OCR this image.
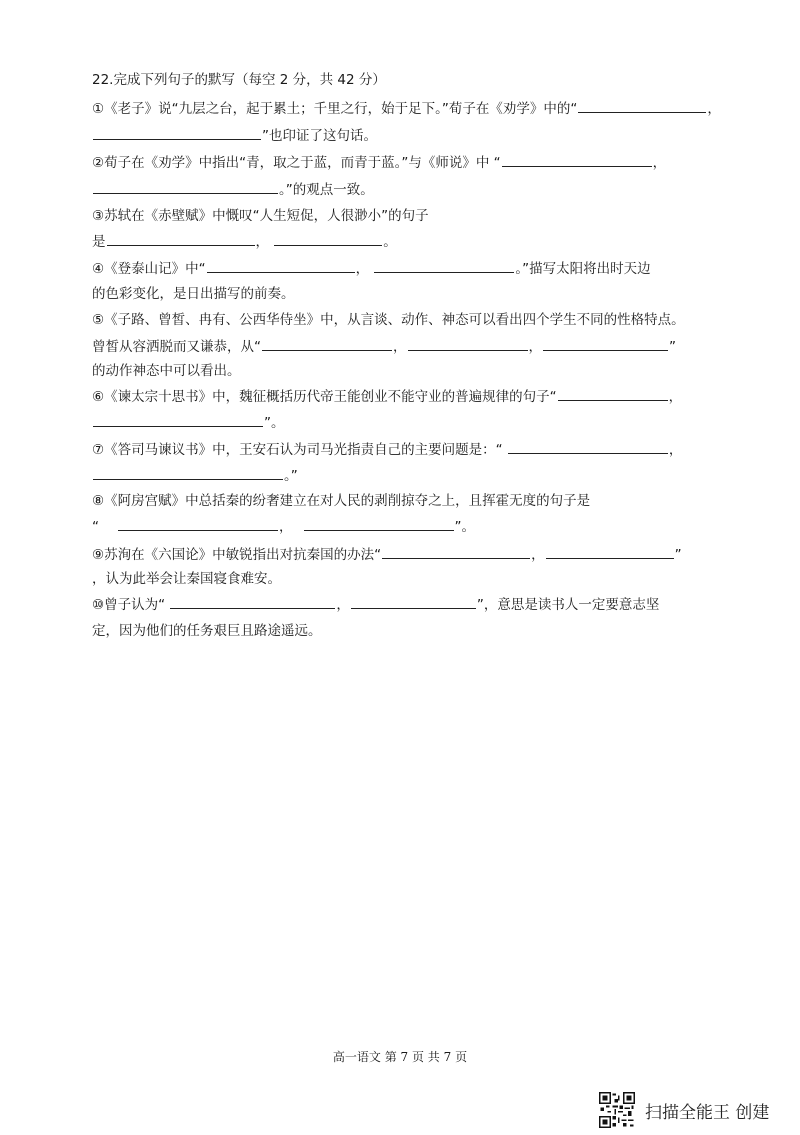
22.完成下列句子的默写（每空 2 分，共 42 分）
①《老子》说“九层之台，起于累土；千里之行，始于足下。”荀子在《劝学》中的“	，
”也印证了这句话。
②荀子在《劝学》中指出“青，取之于蓝，而青于蓝。”与《师说》中 “	，
。”的观点一致。
③苏轼在《赤壁赋》中慨叹“人生短促，人很渺小”的句子
是	，	。
④《登泰山记》中“	，	。”描写太阳将出时天边
的色彩变化，是日出描写的前奏。
⑤《子路、曾皙、冉有、公西华侍坐》中，从言谈、动作、神态可以看出四个学生不同的性格特点。
曾皙从容洒脱而又谦恭，从“	，	，	”
的动作神态中可以看出。
⑥《谏太宗十思书》中，魏征概括历代帝王能创业不能守业的普遍规律的句子“	，
”。
⑦《答司马谏议书》中，王安石认为司马光指责自己的主要问题是：“	，
。”
⑧《阿房宫赋》中总括秦的纷奢建立在对人民的剥削掠夺之上，且挥霍无度的句子是
“	，	”。
⑨苏洵在《六国论》中敏锐指出对抗秦国的办法“	，	”
，认为此举会让秦国寝食难安。
⑩曾子认为“	，	”，意思是读书人一定要意志坚
定，因为他们的任务艰巨且路途遥远。
高一语文 第 7 页 共 7 页
扫描全能王 创建
